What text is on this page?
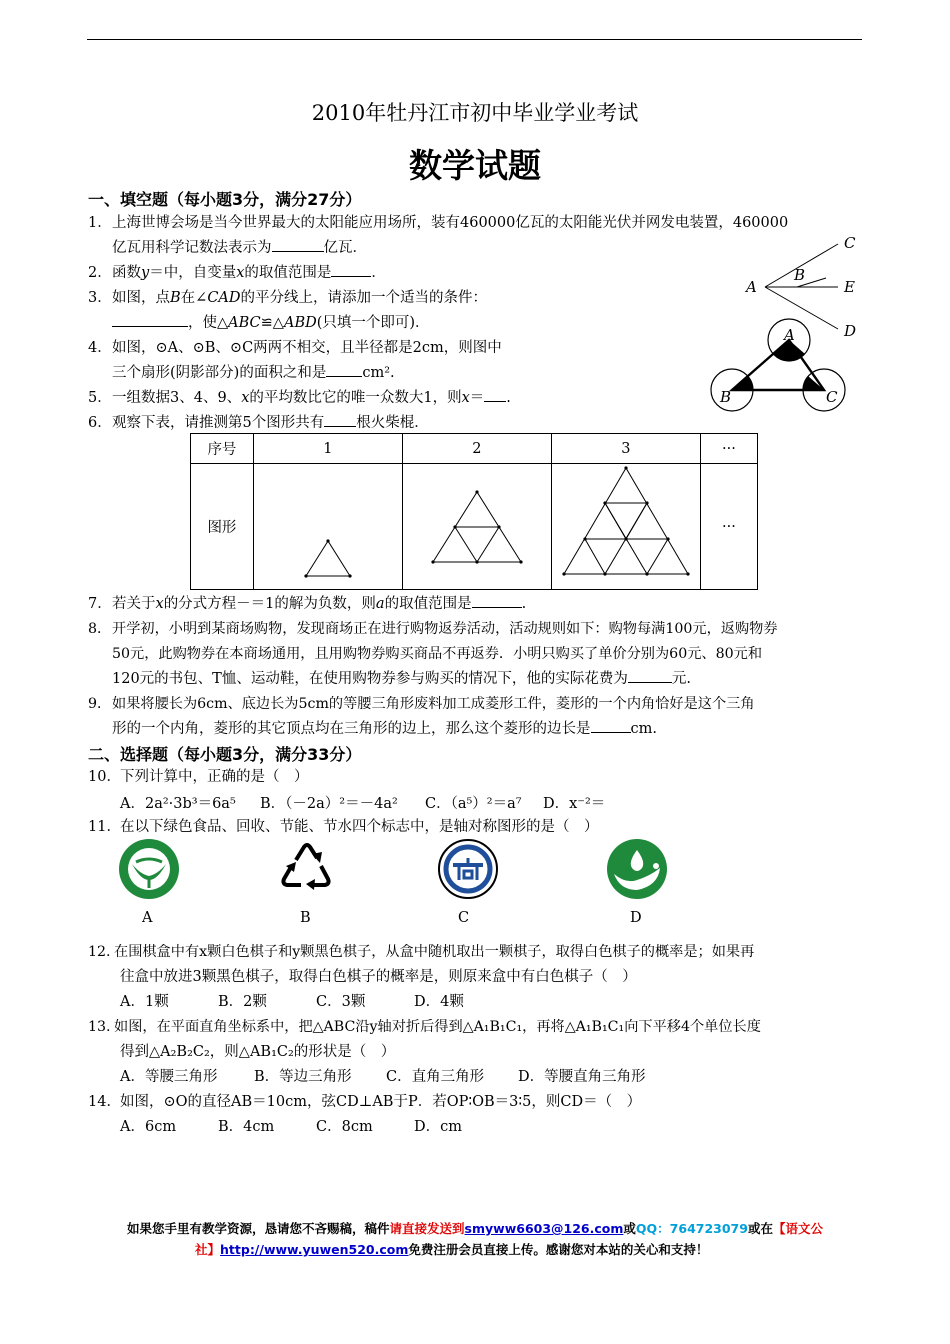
2010年牡丹江市初中毕业学业考试
数学试题
一、填空题（每小题3分，满分27分）
1．上海世博会场是当今世界最大的太阳能应用场所，装有460000亿瓦的太阳能光伏并网发电装置，460000
亿瓦用科学记数法表示为	亿瓦．
2．函数y＝中，自变量x的取值范围是	．
3．如图，点B在∠CAD的平分线上，请添加一个适当的条件：
，使△ABC≌△ABD(只填一个即可)．
4．如图，⊙A、⊙B、⊙C两两不相交，且半径都是2cm，则图中
三个扇形(阴影部分)的面积之和是 cm².
5．一组数据3、4、9、x的平均数比它的唯一众数大1，则x＝ .
6．观察下表，请推测第5个图形共有 根火柴棍．
A
B
C
E
D
A
B	C
序号	1	2	3	···
图形				···
7．若关于x的分式方程－＝1的解为负数，则a的取值范围是	.
8．开学初，小明到某商场购物，发现商场正在进行购物返券活动，活动规则如下：购物每满100元，返购物券
50元，此购物券在本商场通用，且用购物券购买商品不再返券．小明只购买了单价分别为60元、80元和
120元的书包、T恤、运动鞋，在使用购物券参与购买的情况下，他的实际花费为	元.
9．如果将腰长为6cm、底边长为5cm的等腰三角形废料加工成菱形工件，菱形的一个内角恰好是这个三角
形的一个内角，菱形的其它顶点均在三角形的边上，那么这个菱形的边长是	cm.
二、选择题（每小题3分，满分33分）
10．下列计算中，正确的是（　）
A．2a²·3b³＝6a⁵ B．（－2a）²＝－4a² C．（a⁵）²＝a⁷ D．x⁻²＝
11．在以下绿色食品、回收、节能、节水四个标志中，是轴对称图形的是（　）
A	B	C	D
12. 在围棋盒中有x颗白色棋子和y颗黑色棋子，从盒中随机取出一颗棋子，取得白色棋子的概率是；如果再
往盒中放进3颗黑色棋子，取得白色棋子的概率是，则原来盒中有白色棋子（　）
A．1颗	B．2颗	C．3颗	D．4颗
13. 如图，在平面直角坐标系中，把△ABC沿y轴对折后得到△A₁B₁C₁，再将△A₁B₁C₁向下平移4个单位长度
得到△A₂B₂C₂，则△AB₁C₂的形状是（　）
A．等腰三角形	B．等边三角形 C．直角三角形 D．等腰直角三角形
14．如图，⊙O的直径AB＝10cm，弦CD⊥AB于P．若OP∶OB＝3∶5，则CD＝（　）
A．6cm	B．4cm	C．8cm	D．cm
如果您手里有教学资源，恳请您不吝赐稿，稿件请直接发送到smyww6603@126.com或QQ：764723079或在【语文公
社】http://www.yuwen520.com免费注册会员直接上传。感谢您对本站的关心和支持！
